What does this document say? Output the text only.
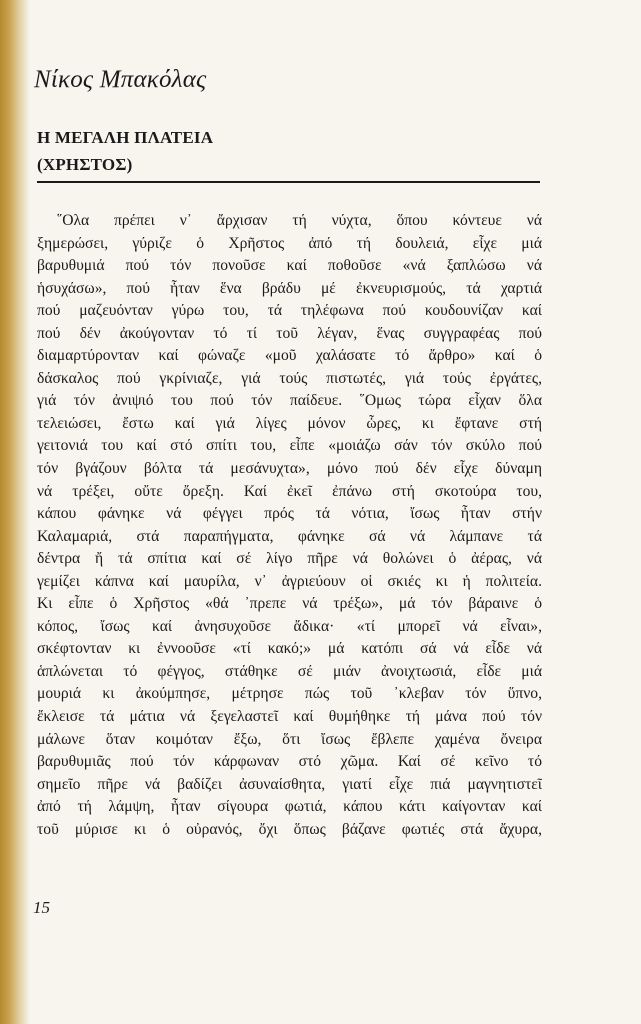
Νίκος Μπακόλας
Η ΜΕΓΑΛΗ ΠΛΑΤΕΙΑ
(ΧΡΗΣΤΟΣ)
῞Ολα πρέπει ν᾿ ἄρχισαν τή νύχτα, ὅπου κόντευε νά
ξημερώσει, γύριζε ὁ Χρῆστος ἀπό τή δουλειά, εἶχε μιά
βαρυθυμιά πού τόν πονοῦσε καί ποθοῦσε «νά ξαπλώσω νά
ἡσυχάσω», πού ἦταν ἕνα βράδυ μέ ἐκνευρισμούς, τά χαρτιά
πού μαζευόνταν γύρω του, τά τηλέφωνα πού κουδουνίζαν καί
πού δέν ἀκούγονταν τό τί τοῦ λέγαν, ἕνας συγγραφέας πού
διαμαρτύρονταν καί φώναζε «μοῦ χαλάσατε τό ἄρθρο» καί ὁ
δάσκαλος πού γκρίνιαζε, γιά τούς πιστωτές, γιά τούς ἐργάτες,
γιά τόν ἀνιψιό του πού τόν παίδευε. ῞Ομως τώρα εἶχαν ὅλα
τελειώσει, ἔστω καί γιά λίγες μόνον ὧρες, κι ἔφτανε στή
γειτονιά του καί στό σπίτι του, εἶπε «μοιάζω σάν τόν σκύλο πού
τόν βγάζουν βόλτα τά μεσάνυχτα», μόνο πού δέν εἶχε δύναμη
νά τρέξει, οὔτε ὄρεξη. Καί ἐκεῖ ἐπάνω στή σκοτούρα του,
κάπου φάνηκε νά φέγγει πρός τά νότια, ἴσως ἦταν στήν
Καλαμαριά, στά παραπήγματα, φάνηκε σά νά λάμπανε τά
δέντρα ἤ τά σπίτια καί σέ λίγο πῆρε νά θολώνει ὁ ἀέρας, νά
γεμίζει κάπνα καί μαυρίλα, ν᾿ ἀγριεύουν οἱ σκιές κι ἡ πολιτεία.
Κι εἶπε ὁ Χρῆστος «θά ᾿πρεπε νά τρέξω», μά τόν βάραινε ὁ
κόπος, ἴσως καί ἀνησυχοῦσε ἄδικα· «τί μπορεῖ νά εἶναι»,
σκέφτονταν κι ἐννοοῦσε «τί κακό;» μά κατόπι σά νά εἶδε νά
ἁπλώνεται τό φέγγος, στάθηκε σέ μιάν ἀνοιχτωσιά, εἶδε μιά
μουριά κι ἀκούμπησε, μέτρησε πώς τοῦ ᾿κλεβαν τόν ὕπνο,
ἔκλεισε τά μάτια νά ξεγελαστεῖ καί θυμήθηκε τή μάνα πού τόν
μάλωνε ὅταν κοιμόταν ἔξω, ὅτι ἴσως ἔβλεπε χαμένα ὄνειρα
βαρυθυμιᾶς πού τόν κάρφωναν στό χῶμα. Καί σέ κεῖνο τό
σημεῖο πῆρε νά βαδίζει ἀσυναίσθητα, γιατί εἶχε πιά μαγνητιστεῖ
ἀπό τή λάμψη, ἦταν σίγουρα φωτιά, κάπου κάτι καίγονταν καί
τοῦ μύρισε κι ὁ οὐρανός, ὄχι ὅπως βάζανε φωτιές στά ἄχυρα,
15
